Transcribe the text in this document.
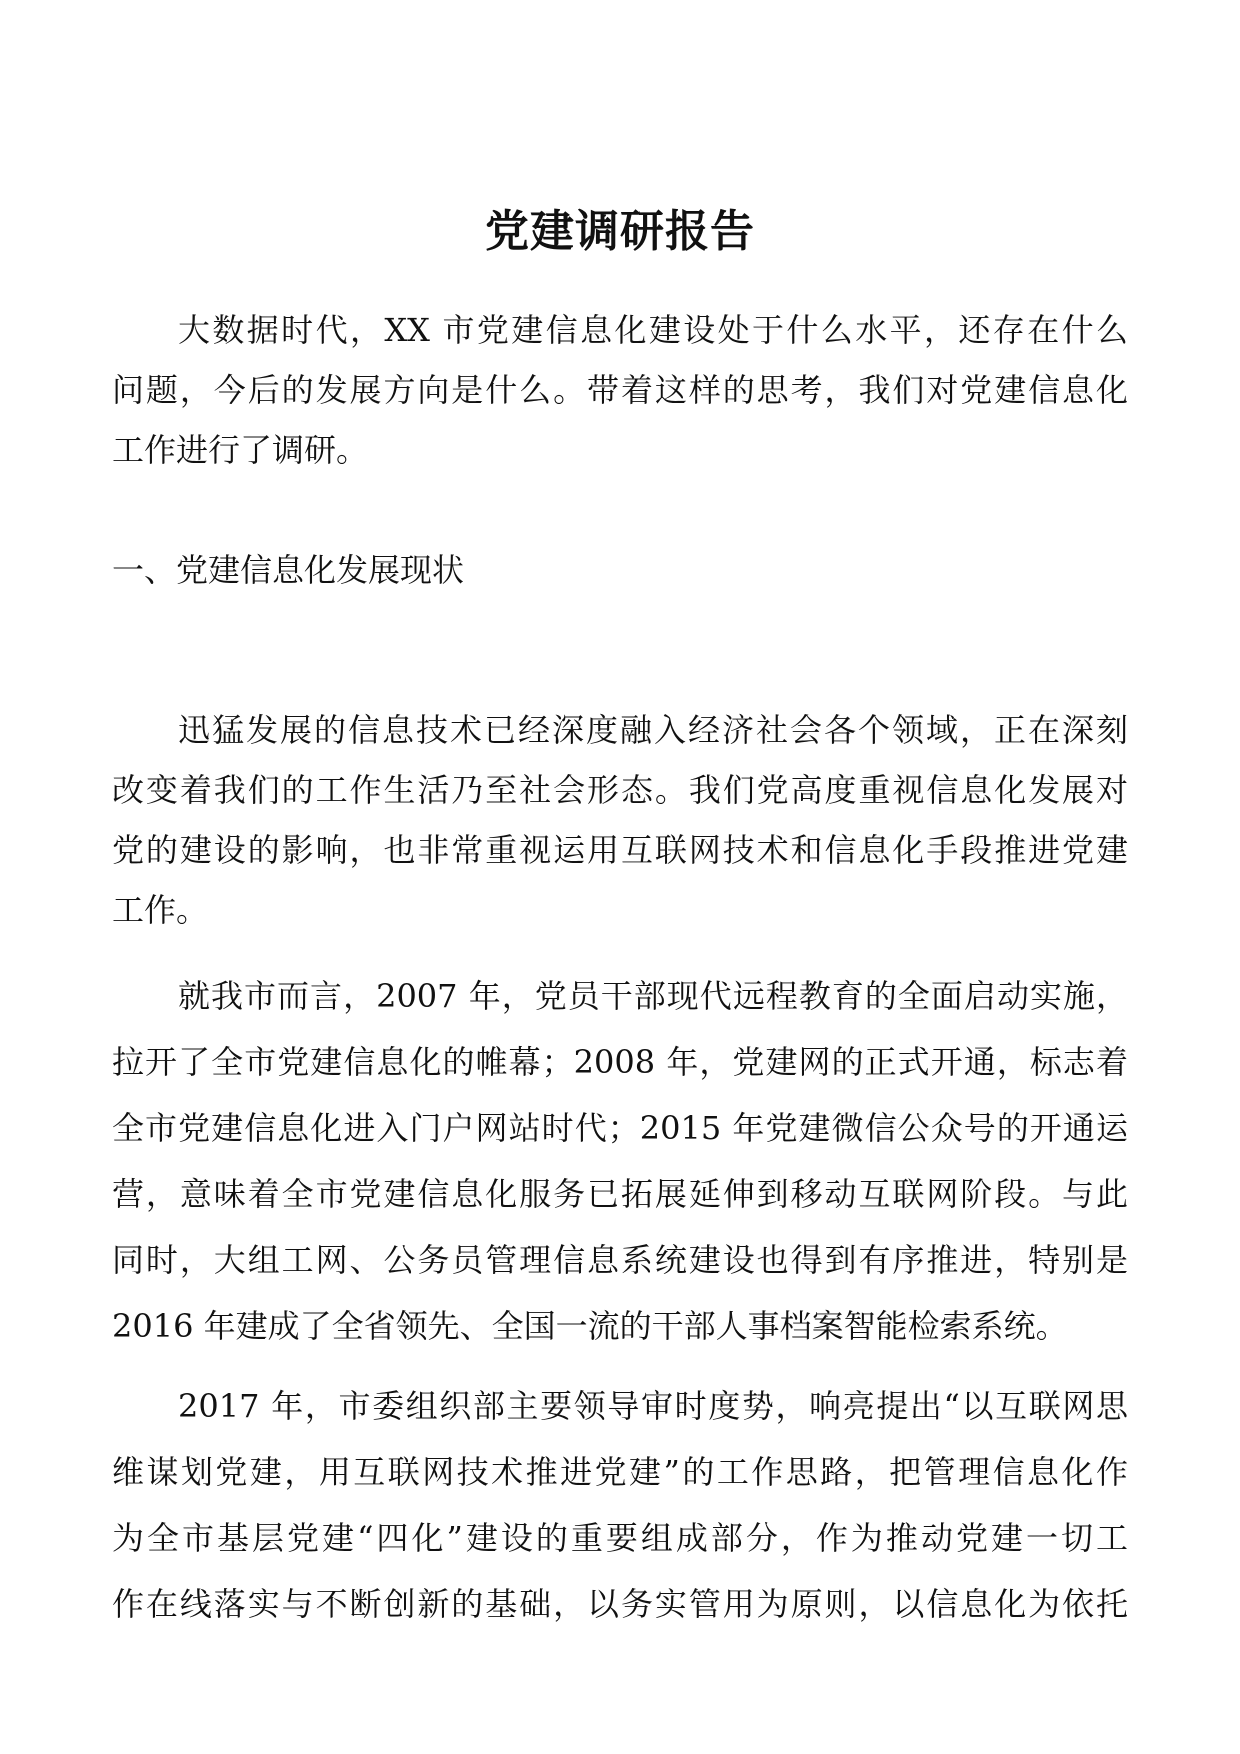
党建调研报告
大数据时代，XX 市党建信息化建设处于什么水平，还存在什么
问题，今后的发展方向是什么。带着这样的思考，我们对党建信息化
工作进行了调研。
一、党建信息化发展现状
迅猛发展的信息技术已经深度融入经济社会各个领域，正在深刻
改变着我们的工作生活乃至社会形态。我们党高度重视信息化发展对
党的建设的影响，也非常重视运用互联网技术和信息化手段推进党建
工作。
就我市而言，2007 年，党员干部现代远程教育的全面启动实施，
拉开了全市党建信息化的帷幕；2008 年，党建网的正式开通，标志着
全市党建信息化进入门户网站时代；2015 年党建微信公众号的开通运
营，意味着全市党建信息化服务已拓展延伸到移动互联网阶段。与此
同时，大组工网、公务员管理信息系统建设也得到有序推进，特别是
2016 年建成了全省领先、全国一流的干部人事档案智能检索系统。
2017 年，市委组织部主要领导审时度势，响亮提出“以互联网思
维谋划党建，用互联网技术推进党建”的工作思路，把管理信息化作
为全市基层党建“四化”建设的重要组成部分，作为推动党建一切工
作在线落实与不断创新的基础，以务实管用为原则，以信息化为依托
